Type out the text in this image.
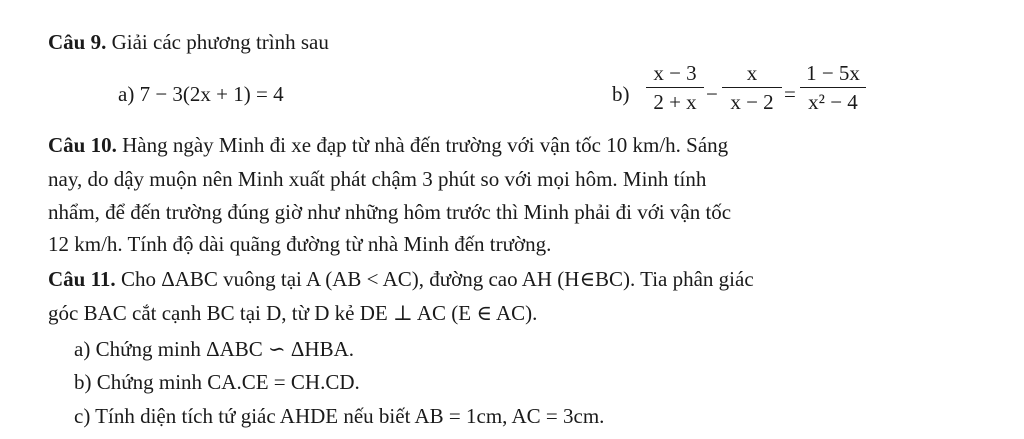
Câu 9. Giải các phương trình sau
a) 7 − 3(2x + 1) = 4	b)
x − 3
2 + x −
x
x − 2 =
1 − 5x
x² − 4
Câu 10. Hàng ngày Minh đi xe đạp từ nhà đến trường với vận tốc 10 km/h. Sáng
nay, do dậy muộn nên Minh xuất phát chậm 3 phút so với mọi hôm. Minh tính
nhẩm, để đến trường đúng giờ như những hôm trước thì Minh phải đi với vận tốc
12 km/h. Tính độ dài quãng đường từ nhà Minh đến trường.
Câu 11. Cho ΔABC vuông tại A (AB < AC), đường cao AH (H∈BC). Tia phân giác
góc BAC cắt cạnh BC tại D, từ D kẻ DE ⊥ AC (E ∈ AC).
a) Chứng minh ΔABC ∽ ΔHBA.
b) Chứng minh CA.CE = CH.CD.
c) Tính diện tích tứ giác AHDE nếu biết AB = 1cm, AC = 3cm.
